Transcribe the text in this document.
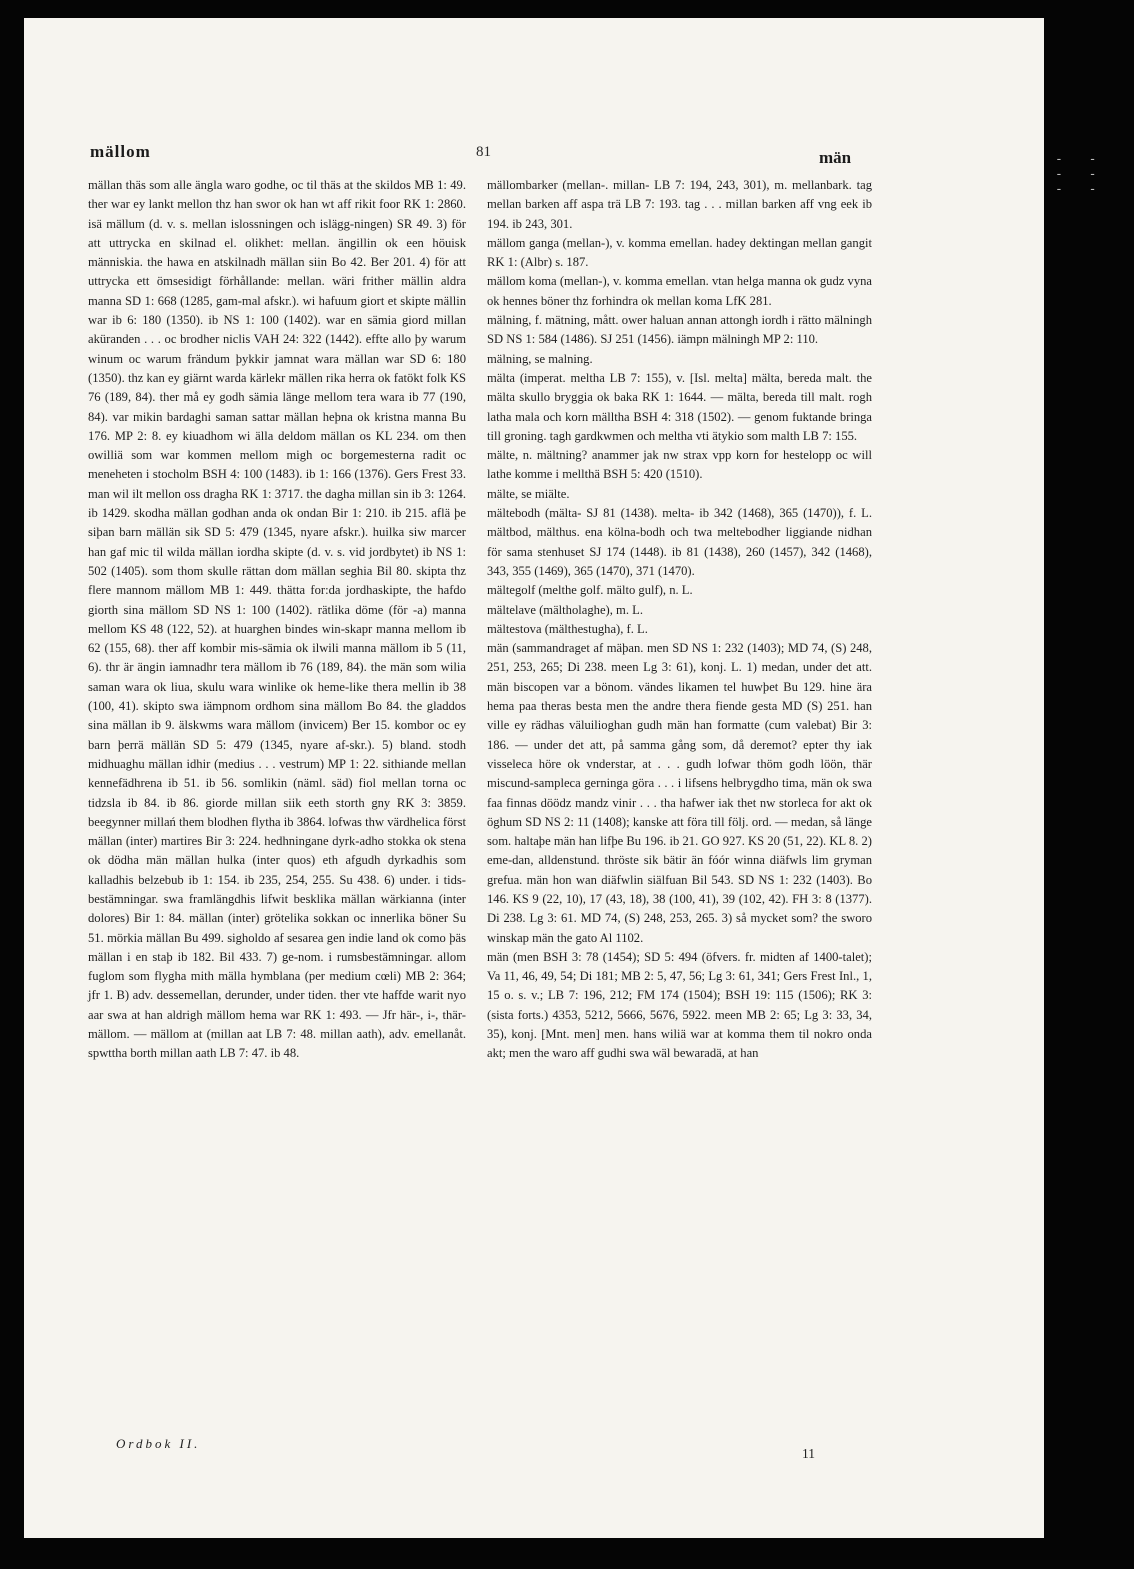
mällom	81	män

mällan thäs som alle ängla waro godhe, oc til thäs at the skildos MB 1: 49. ther war ey lankt mellon thz han swor ok han wt aff rikit foor RK 1: 2860. isä mällum (d. v. s. mellan islossningen och islägg-ningen) SR 49. 3) för att uttrycka en skilnad el. olikhet: mellan. ängillin ok een höuisk människia. the hawa en atskilnadh mällan siin Bo 42. Ber 201. 4) för att uttrycka ett ömsesidigt förhållande: mellan. wäri frither mällin aldra manna SD 1: 668 (1285, gam-mal afskr.). wi hafuum giort et skipte mällin war ib 6: 180 (1350). ib NS 1: 100 (1402). war en sämia giord millan aküranden . . . oc brodher niclis VAH 24: 322 (1442). effte allo þy warum winum oc warum frändum þykkir jamnat wara mällan war SD 6: 180 (1350). thz kan ey giärnt warda kärlekr mällen rika herra ok fatökt folk KS 76 (189, 84). ther må ey godh sämia länge mellom tera wara ib 77 (190, 84). var mikin bardaghi saman sattar mällan heþna ok kristna manna Bu 176. MP 2: 8. ey kiuadhom wi älla deldom mällan os KL 234. om then owilliä som war kommen mellom migh oc borgemesterna radit oc meneheten i stocholm BSH 4: 100 (1483). ib 1: 166 (1376). Gers Frest 33. man wil ilt mellon oss dragha RK 1: 3717. the dagha millan sin ib 3: 1264. ib 1429. skodha mällan godhan anda ok ondan Bir 1: 210. ib 215. aflä þe siþan barn mällän sik SD 5: 479 (1345, nyare afskr.). huilka siw marcer han gaf mic til wilda mällan iordha skipte (d. v. s. vid jordbytet) ib NS 1: 502 (1405). som thom skulle rättan dom mällan seghia Bil 80. skipta thz flere mannom mällom MB 1: 449. thätta for:da jordhaskipte, the hafdo giorth sina mällom SD NS 1: 100 (1402). rätlika döme (för -a) manna mellom KS 48 (122, 52). at huarghen bindes win-skapr manna mellom ib 62 (155, 68). ther aff kombir mis-sämia ok ilwili manna mällom ib 5 (11, 6). thr är ängin iamnadhr tera mällom ib 76 (189, 84). the män som wilia saman wara ok liua, skulu wara winlike ok heme-like thera mellin ib 38 (100, 41). skipto swa iämpnom ordhom sina mällom Bo 84. the gladdos sina mällan ib 9. älskwms wara mällom (invicem) Ber 15. kombor oc ey barn þerrä mällän SD 5: 479 (1345, nyare af-skr.). 5) bland. stodh midhuaghu mällan idhir (medius . . . vestrum) MP 1: 22. sithiande mellan kennefädhrena ib 51. ib 56. somlikin (näml. säd) fiol mellan torna oc tidzsla ib 84. ib 86. giorde millan siik eeth storth gny RK 3: 3859. beegynner millań them blodhen flytha ib 3864. lofwas thw värdhelica först mällan (inter) martires Bir 3: 224. hedhningane dyrk-adho stokka ok stena ok dödha män mällan hulka (inter quos) eth afgudh dyrkadhis som kalladhis belzebub ib 1: 154. ib 235, 254, 255. Su 438. 6) under. i tids-bestämningar. swa framlängdhis lifwit besklika mällan wärkianna (inter dolores) Bir 1: 84. mällan (inter) grötelika sokkan oc innerlika böner Su 51. mörkia mällan Bu 499. sigholdo af sesarea gen indie land ok como þäs mällan i en staþ ib 182. Bil 433. 7) ge-nom. i rumsbestämningar. allom fuglom som flygha mith mälla hymblana (per medium cœli) MB 2: 364; jfr 1. B) adv. dessemellan, derunder, under tiden. ther vte haffde warit nyo aar swa at han aldrigh mällom hema war RK 1: 493. — Jfr här-, i-, thär-mällom. — mällom at (millan aat LB 7: 48. millan aath), adv. emellanåt. spwttha borth millan aath LB 7: 47. ib 48.

mällombarker (mellan-. millan- LB 7: 194, 243, 301), m. mellanbark. tag mellan barken aff aspa trä LB 7: 193. tag . . . millan barken aff vng eek ib 194. ib 243, 301.

mällom ganga (mellan-), v. komma emellan. hadey dektingan mellan gangit RK 1: (Albr) s. 187.

mällom koma (mellan-), v. komma emellan. vtan helga manna ok gudz vyna ok hennes böner thz forhindra ok mellan koma LfK 281.

mälning, f. mätning, mått. ower haluan annan attongh iordh i rätto mälningh SD NS 1: 584 (1486). SJ 251 (1456). iämpn mälningh MP 2: 110.

mälning, se malning.

mälta (imperat. meltha LB 7: 155), v. [Isl. melta] mälta, bereda malt. the mälta skullo bryggia ok baka RK 1: 1644. — mälta, bereda till malt. rogh latha mala och korn mälltha BSH 4: 318 (1502). — genom fuktande bringa till groning. tagh gardkwmen och meltha vti ätykio som malth LB 7: 155.

mälte, n. mältning? anammer jak nw strax vpp korn for hestelopp oc will lathe komme i mellthä BSH 5: 420 (1510).

mälte, se miälte.

mältebodh (mälta- SJ 81 (1438). melta- ib 342 (1468), 365 (1470)), f. L. mältbod, mälthus. ena kölna-bodh och twa meltebodher liggiande nidhan för sama stenhuset SJ 174 (1448). ib 81 (1438), 260 (1457), 342 (1468), 343, 355 (1469), 365 (1470), 371 (1470).

mältegolf (melthe golf. mälto gulf), n. L.

mältelave (mältholaghe), m. L.

mältestova (mälthestugha), f. L.

män (sammandraget af mäþan. men SD NS 1: 232 (1403); MD 74, (S) 248, 251, 253, 265; Di 238. meen Lg 3: 61), konj. L. 1) medan, under det att. män biscopen var a bönom. vändes likamen tel huwþet Bu 129. hine ära hema paa theras besta men the andre thera fiende gesta MD (S) 251. han ville ey rädhas väluilioghan gudh män han formatte (cum valebat) Bir 3: 186. — under det att, på samma gång som, då deremot? epter thy iak visseleca höre ok vnderstar, at . . . gudh lofwar thöm godh löön, thär miscund-sampleca gerninga göra . . . i lifsens helbrygdho tima, män ok swa faa finnas döödz mandz vinir . . . tha hafwer iak thet nw storleca for akt ok öghum SD NS 2: 11 (1408); kanske att föra till följ. ord. — medan, så länge som. haltaþe män han lifþe Bu 196. ib 21. GO 927. KS 20 (51, 22). KL 8. 2) eme-dan, alldenstund. thröste sik bätir än fóór winna diäfwls lim gryman grefua. män hon wan diäfwlin siälfuan Bil 543. SD NS 1: 232 (1403). Bo 146. KS 9 (22, 10), 17 (43, 18), 38 (100, 41), 39 (102, 42). FH 3: 8 (1377). Di 238. Lg 3: 61. MD 74, (S) 248, 253, 265. 3) så mycket som? the sworo winskap män the gato Al 1102.

män (men BSH 3: 78 (1454); SD 5: 494 (öfvers. fr. midten af 1400-talet); Va 11, 46, 49, 54; Di 181; MB 2: 5, 47, 56; Lg 3: 61, 341; Gers Frest Inl., 1, 15 o. s. v.; LB 7: 196, 212; FM 174 (1504); BSH 19: 115 (1506); RK 3: (sista forts.) 4353, 5212, 5666, 5676, 5922. meen MB 2: 65; Lg 3: 33, 34, 35), konj. [Mnt. men] men. hans wiliä war at komma them til nokro onda akt; men the waro aff gudhi swa wäl bewaradä, at han

Ordbok II.
11
- - - - - -
